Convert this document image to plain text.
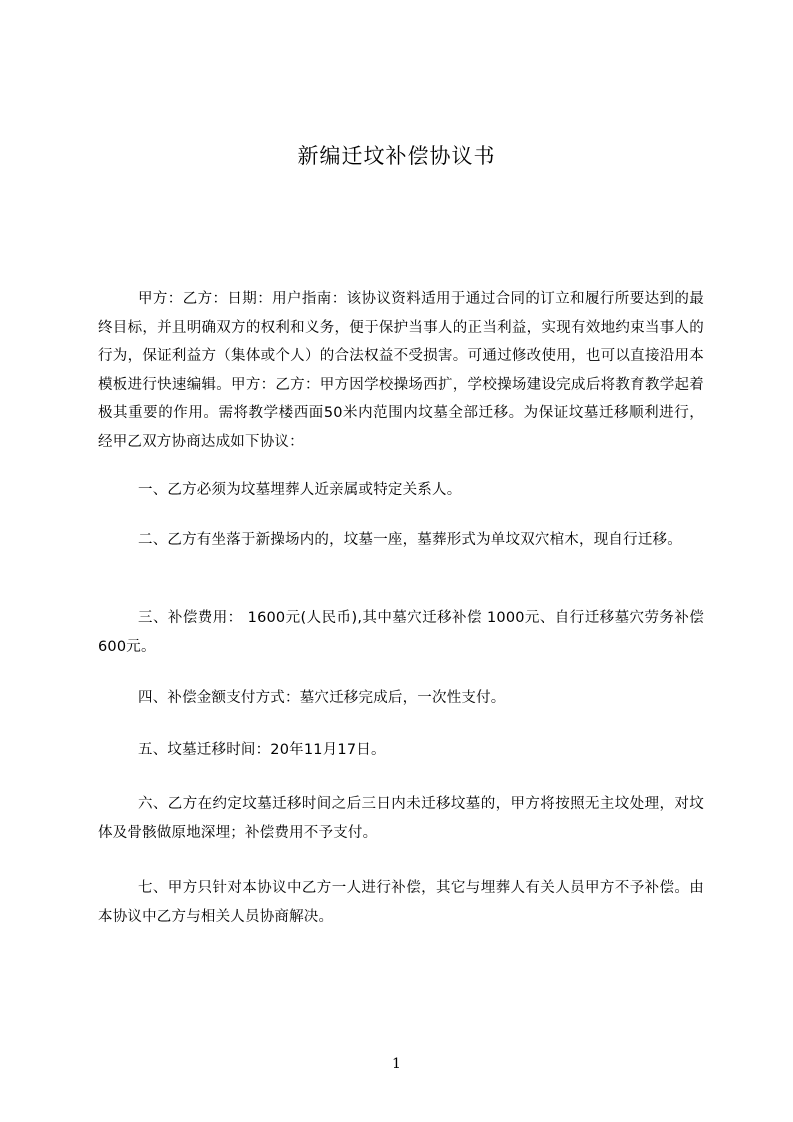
新编迁坟补偿协议书
甲方：乙方：日期：用户指南：该协议资料适用于通过合同的订立和履行所要达到的最终目标，并且明确双方的权利和义务，便于保护当事人的正当利益，实现有效地约束当事人的行为，保证利益方（集体或个人）的合法权益不受损害。可通过修改使用，也可以直接沿用本模板进行快速编辑。甲方：乙方：甲方因学校操场西扩，学校操场建设完成后将教育教学起着极其重要的作用。需将教学楼西面50米内范围内坟墓全部迁移。为保证坟墓迁移顺利进行，经甲乙双方协商达成如下协议：
一、乙方必须为坟墓埋葬人近亲属或特定关系人。
二、乙方有坐落于新操场内的，坟墓一座，墓葬形式为单坟双穴棺木，现自行迁移。
三、补偿费用： 1600元(人民币),其中墓穴迁移补偿 1000元、自行迁移墓穴劳务补偿600元。
四、补偿金额支付方式：墓穴迁移完成后，一次性支付。
五、坟墓迁移时间：20年11月17日。
六、乙方在约定坟墓迁移时间之后三日内未迁移坟墓的，甲方将按照无主坟处理，对坟体及骨骸做原地深埋；补偿费用不予支付。
七、甲方只针对本协议中乙方一人进行补偿，其它与埋葬人有关人员甲方不予补偿。由本协议中乙方与相关人员协商解决。
1
